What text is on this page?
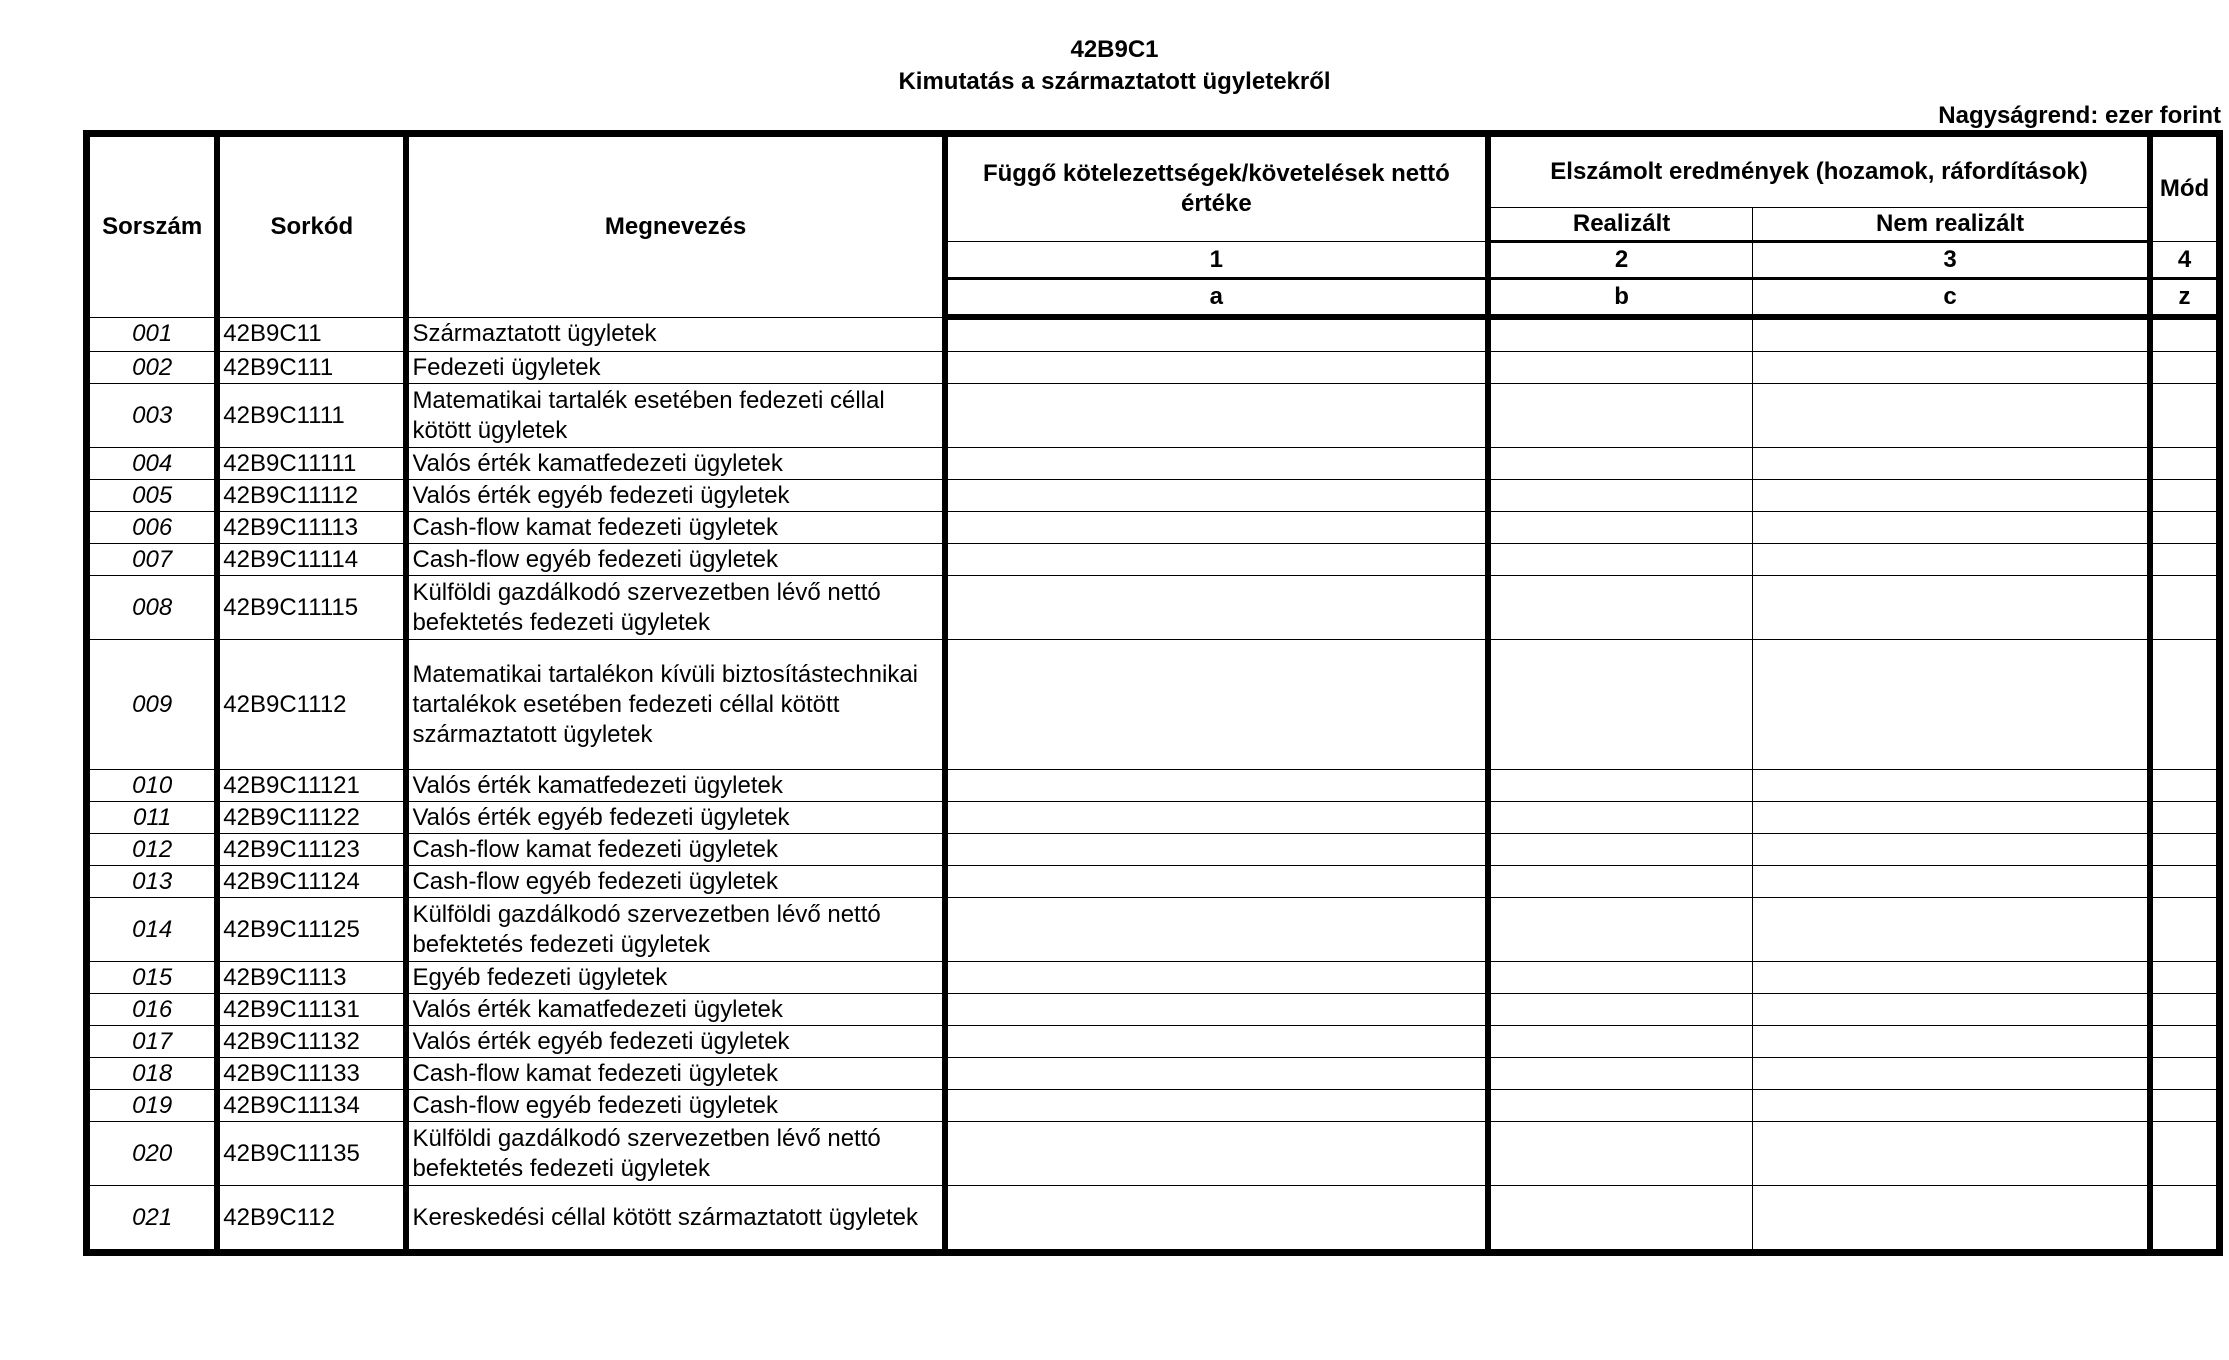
42B9C1
Kimutatás a származtatott ügyletekről
Nagyságrend: ezer forint
Sorszám	Sorkód	Megnevezés	Függő kötelezettségek/követelések nettó értéke	Elszámolt eredmények (hozamok, ráfordítások)		Mód
				Realizált	Nem realizált	
			1	2	3	4
			a	b	c	z
001	42B9C11	Származtatott ügyletek				
002	42B9C111	Fedezeti ügyletek				
003	42B9C1111	Matematikai tartalék esetében fedezeti céllal kötött ügyletek				
004	42B9C11111	Valós érték kamatfedezeti ügyletek				
005	42B9C11112	Valós érték egyéb fedezeti ügyletek				
006	42B9C11113	Cash-flow kamat fedezeti ügyletek				
007	42B9C11114	Cash-flow egyéb fedezeti ügyletek				
008	42B9C11115	Külföldi gazdálkodó szervezetben lévő nettó befektetés fedezeti ügyletek				
009	42B9C1112	Matematikai tartalékon kívüli biztosítástechnikai tartalékok esetében fedezeti céllal kötött származtatott ügyletek				
010	42B9C11121	Valós érték kamatfedezeti ügyletek				
011	42B9C11122	Valós érték egyéb fedezeti ügyletek				
012	42B9C11123	Cash-flow kamat fedezeti ügyletek				
013	42B9C11124	Cash-flow egyéb fedezeti ügyletek				
014	42B9C11125	Külföldi gazdálkodó szervezetben lévő nettó befektetés fedezeti ügyletek				
015	42B9C1113	Egyéb fedezeti ügyletek				
016	42B9C11131	Valós érték kamatfedezeti ügyletek				
017	42B9C11132	Valós érték egyéb fedezeti ügyletek				
018	42B9C11133	Cash-flow kamat fedezeti ügyletek				
019	42B9C11134	Cash-flow egyéb fedezeti ügyletek				
020	42B9C11135	Külföldi gazdálkodó szervezetben lévő nettó befektetés fedezeti ügyletek				
021	42B9C112	Kereskedési céllal kötött származtatott ügyletek				
